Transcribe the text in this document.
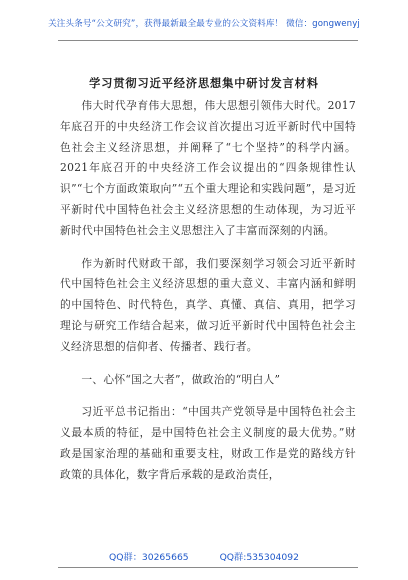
关注头条号“公文研究”，获得最新最全最专业的公文资料库！ 微信：gongwenyj
学习贯彻习近平经济思想集中研讨发言材料

伟大时代孕育伟大思想，伟大思想引领伟大时代。2017年底召开的中央经济工作会议首次提出习近平新时代中国特色社会主义经济思想，并阐释了“七个坚持”的科学内涵。2021年底召开的中央经济工作会议提出的“四条规律性认识”“七个方面政策取向”“五个重大理论和实践问题”，是习近平新时代中国特色社会主义经济思想的生动体现，为习近平新时代中国特色社会主义思想注入了丰富而深刻的内涵。

作为新时代财政干部，我们要深刻学习领会习近平新时代中国特色社会主义经济思想的重大意义、丰富内涵和鲜明的中国特色、时代特色，真学、真懂、真信、真用，把学习理论与研究工作结合起来，做习近平新时代中国特色社会主义经济思想的信仰者、传播者、践行者。

一、心怀“国之大者”，做政治的“明白人”

习近平总书记指出：“中国共产党领导是中国特色社会主义最本质的特征，是中国特色社会主义制度的最大优势。”财政是国家治理的基础和重要支柱，财政工作是党的路线方针政策的具体化，数字背后承载的是政治责任，

QQ群：30265665	QQ群:535304092
